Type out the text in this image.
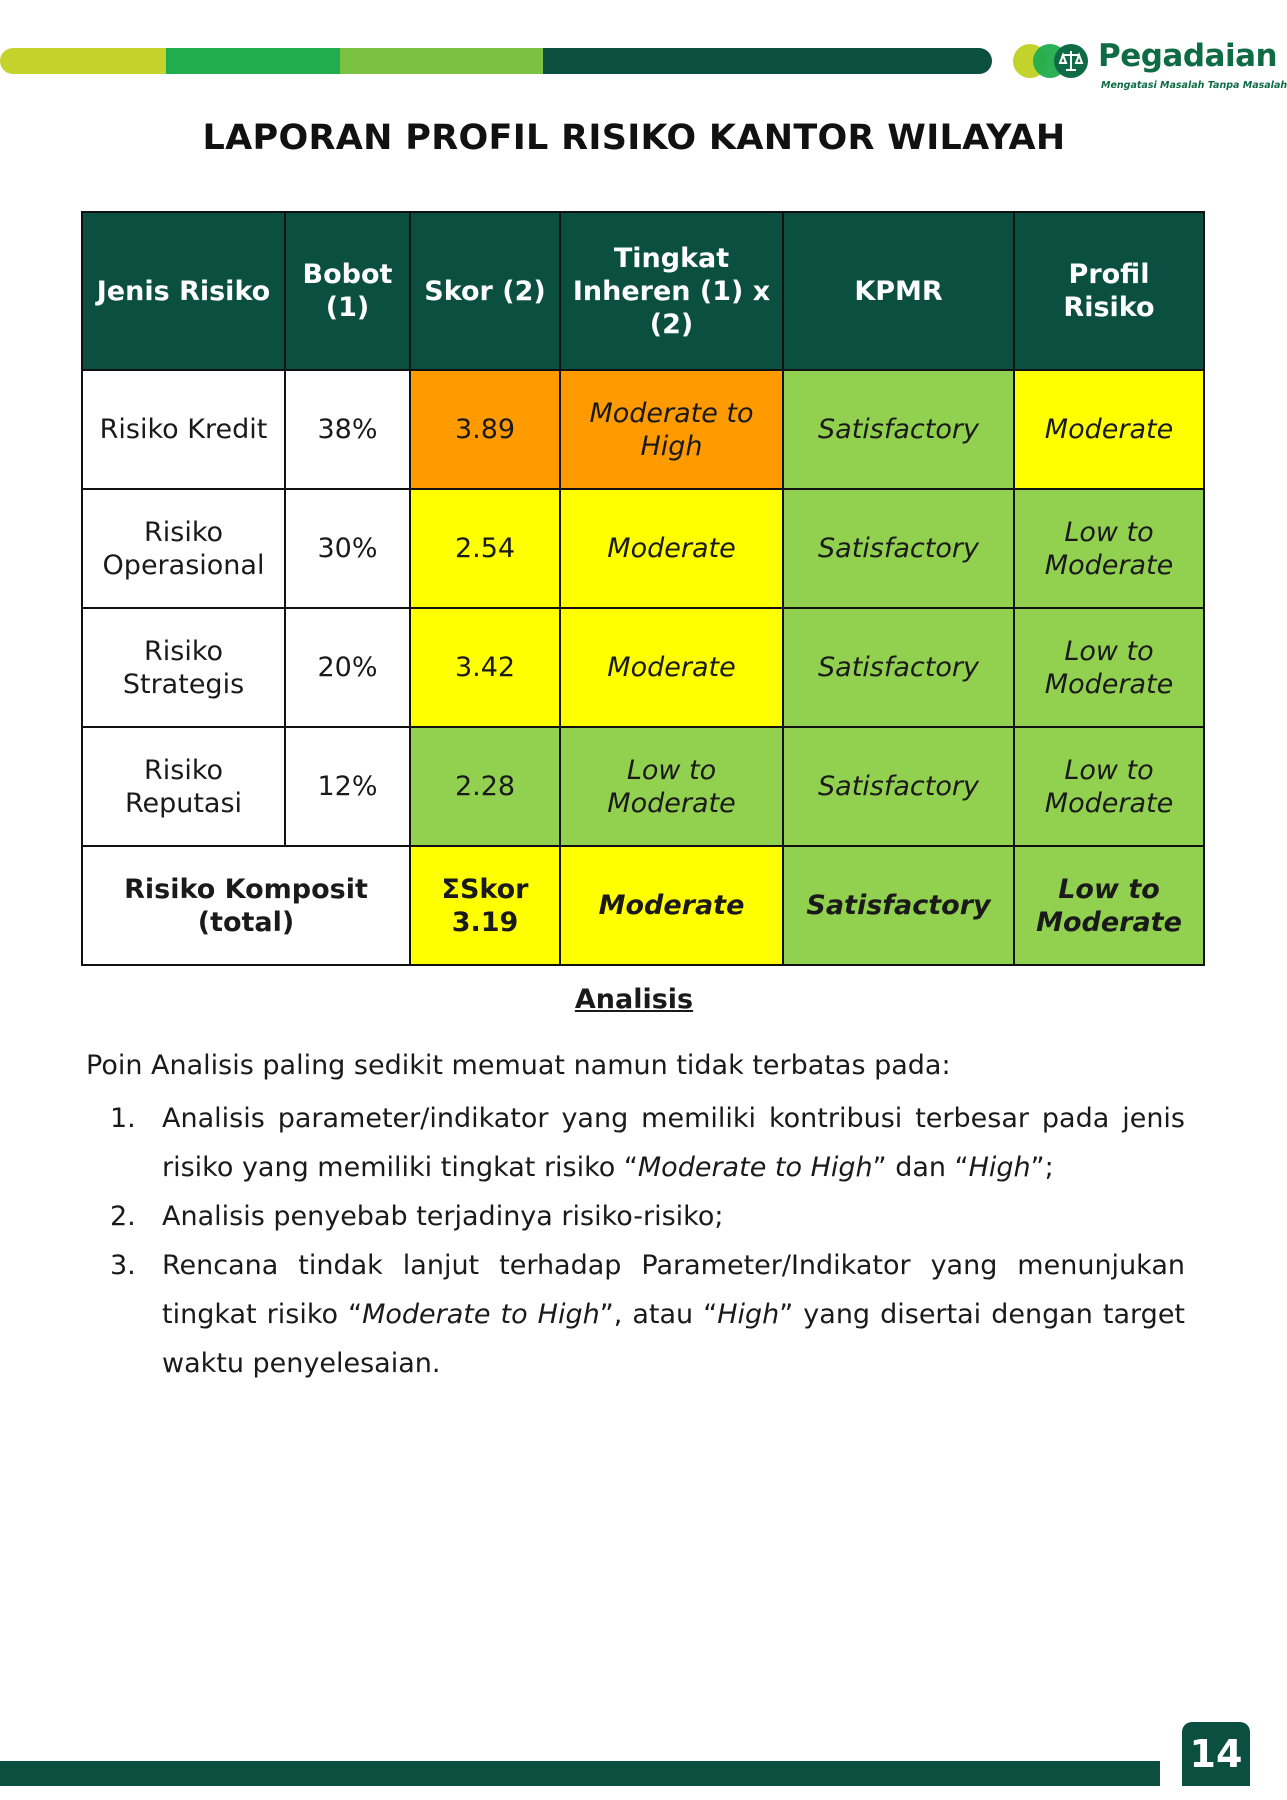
Pegadaian
Mengatasi Masalah Tanpa Masalah
LAPORAN PROFIL RISIKO KANTOR WILAYAH
Jenis Risiko	Bobot (1)	Skor (2)	Tingkat Inheren (1) x (2)	KPMR	Profil Risiko
Risiko Kredit	38%	3.89	Moderate to High	Satisfactory	Moderate
Risiko Operasional	30%	2.54	Moderate	Satisfactory	Low to Moderate
Risiko Strategis	20%	3.42	Moderate	Satisfactory	Low to Moderate
Risiko Reputasi	12%	2.28	Low to Moderate	Satisfactory	Low to Moderate
Risiko Komposit (total)		ΣSkor 3.19	Moderate	Satisfactory	Low to Moderate
Analisis
Poin Analisis paling sedikit memuat namun tidak terbatas pada:
1. Analisis parameter/indikator yang memiliki kontribusi terbesar pada jenis risiko yang memiliki tingkat risiko “Moderate to High” dan “High”;
2. Analisis penyebab terjadinya risiko-risiko;
3. Rencana tindak lanjut terhadap Parameter/Indikator yang menunjukan tingkat risiko “Moderate to High”, atau “High” yang disertai dengan target waktu penyelesaian.
14
